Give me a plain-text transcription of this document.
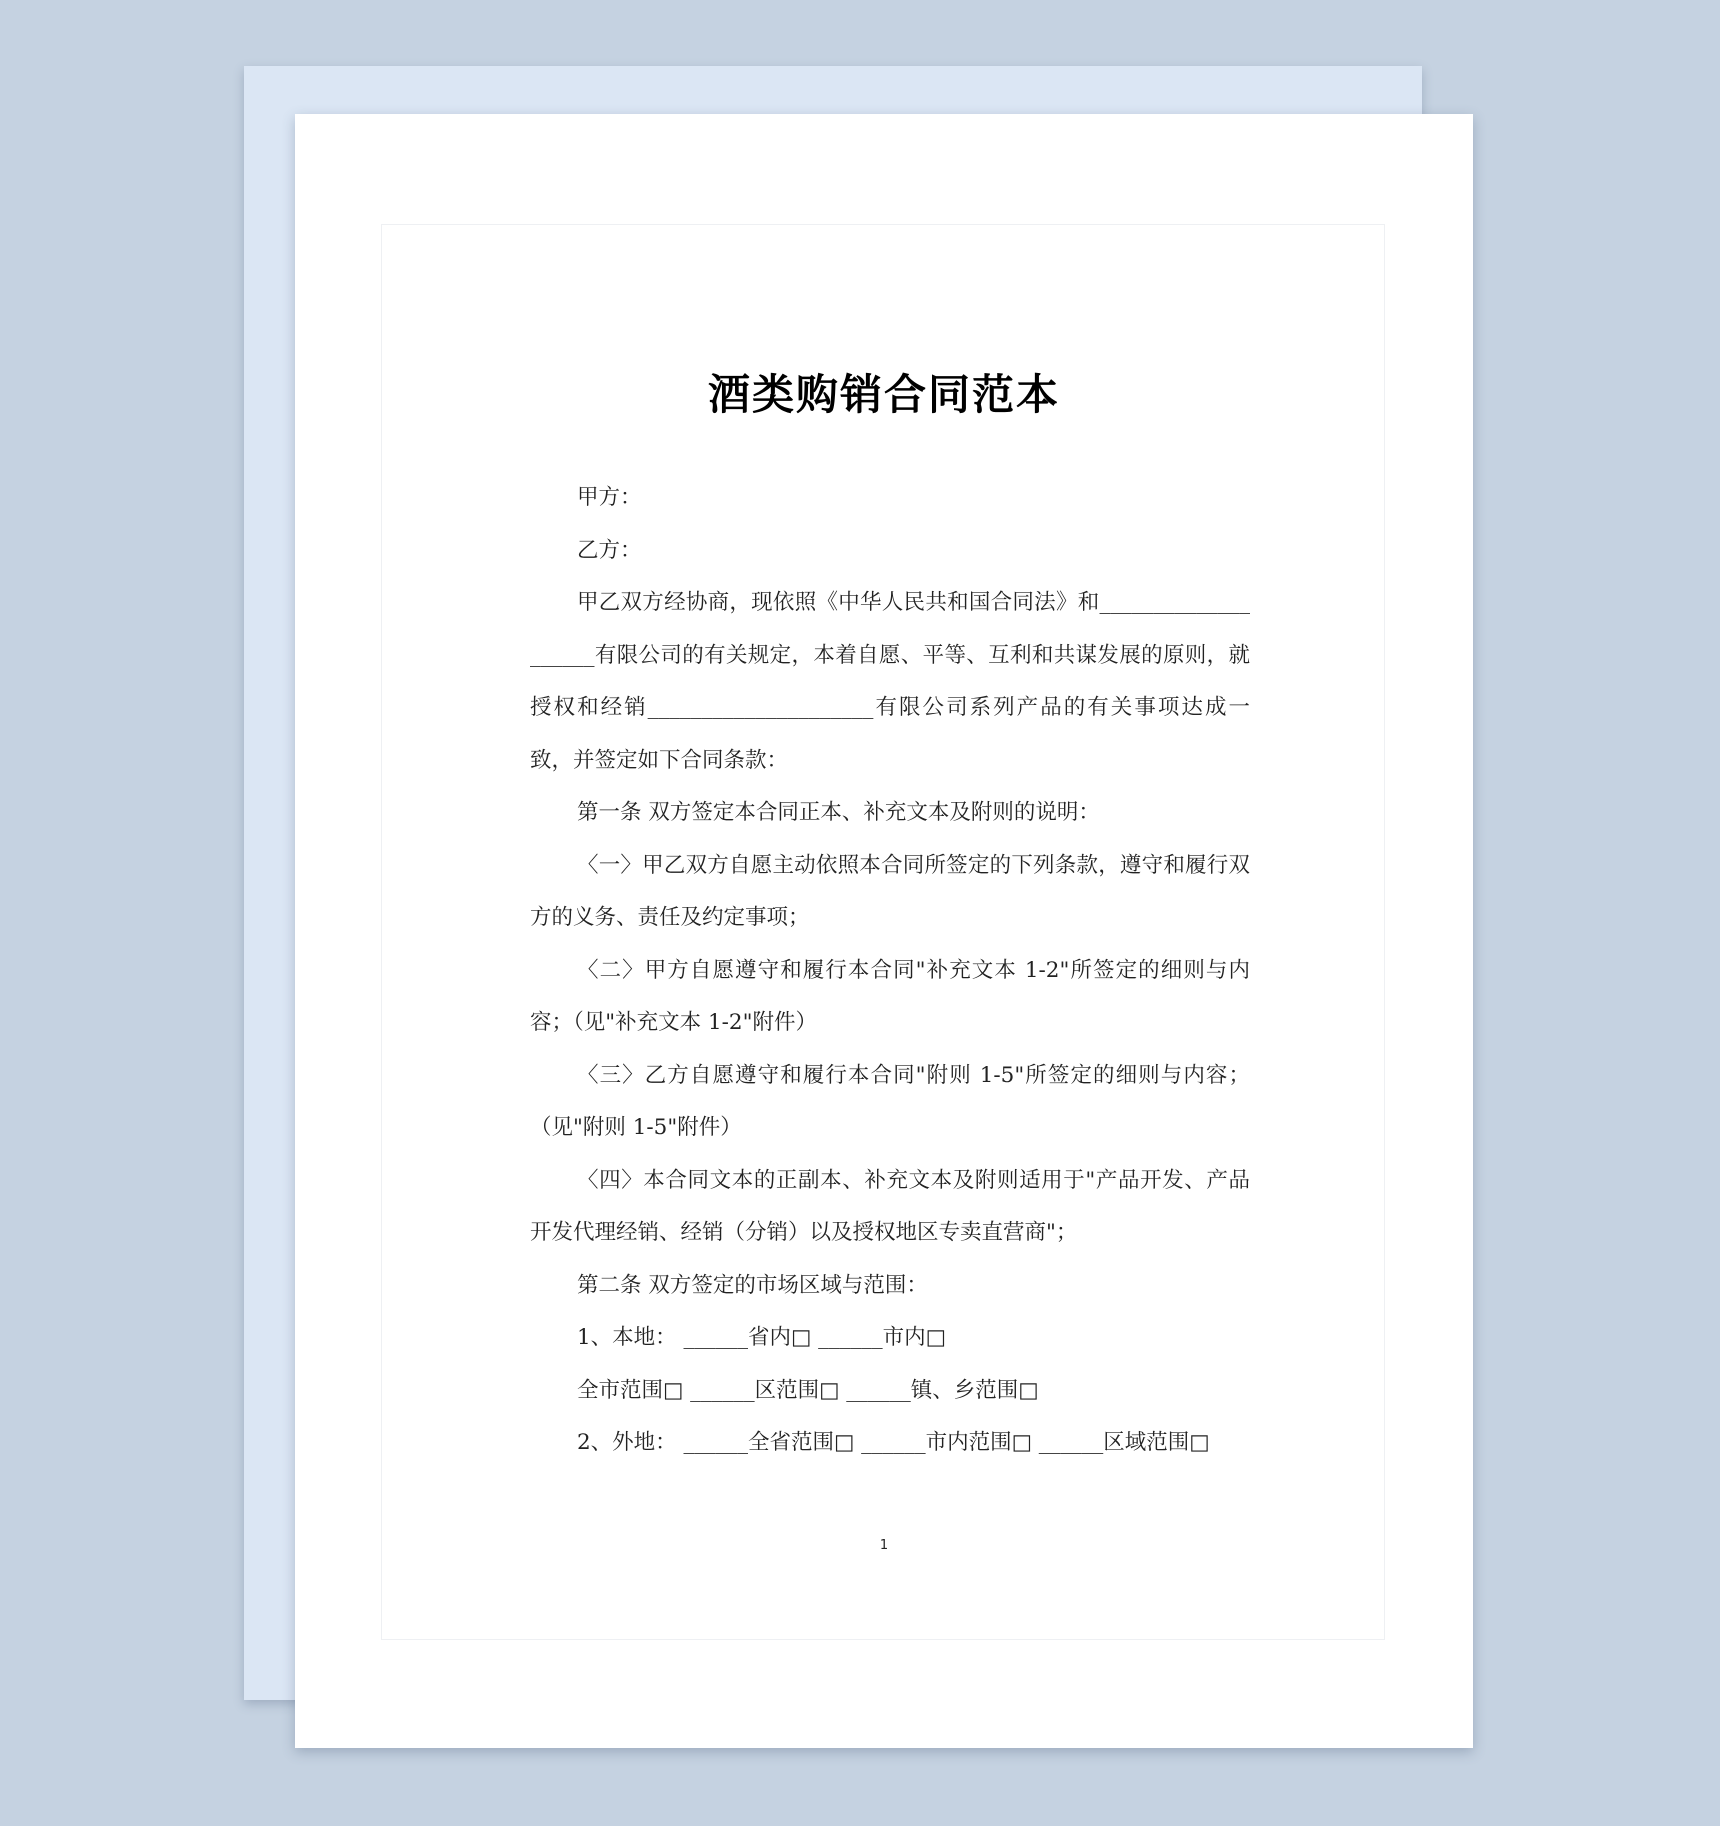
酒类购销合同范本

甲方：

乙方：

甲乙双方经协商，现依照《中华人民共和国合同法》和____________________有限公司的有关规定，本着自愿、平等、互利和共谋发展的原则，就授权和经销_____________________有限公司系列产品的有关事项达成一致，并签定如下合同条款：

第一条 双方签定本合同正本、补充文本及附则的说明：

〈一〉甲乙双方自愿主动依照本合同所签定的下列条款，遵守和履行双方的义务、责任及约定事项；

〈二〉甲方自愿遵守和履行本合同"补充文本 1-2"所签定的细则与内容；（见"补充文本 1-2"附件）

〈三〉乙方自愿遵守和履行本合同"附则 1-5"所签定的细则与内容；（见"附则 1-5"附件）

〈四〉本合同文本的正副本、补充文本及附则适用于"产品开发、产品开发代理经销、经销（分销）以及授权地区专卖直营商"；

第二条 双方签定的市场区域与范围：

1、本地： ______省内□ ______市内□

全市范围□ ______区范围□ ______镇、乡范围□

2、外地： ______全省范围□ ______市内范围□ ______区域范围□

1
